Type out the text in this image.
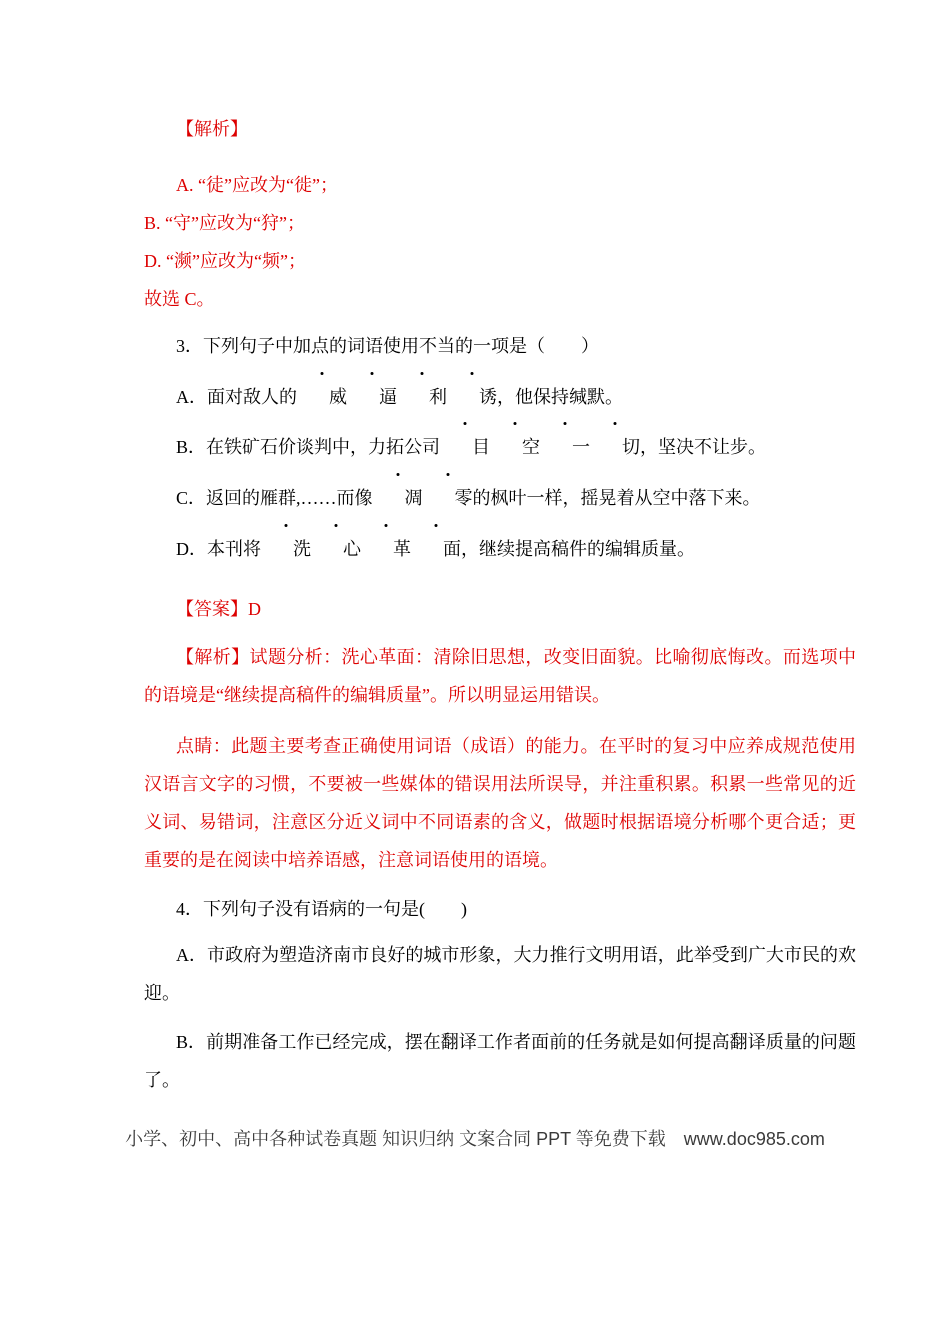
【解析】

A. “徒”应改为“徙”；

B. “守”应改为“狩”；

D. “濒”应改为“频”；

故选 C。

3．下列句子中加点的词语使用不当的一项是（　　）

A．面对敌人的 威 逼 利 诱，他保持缄默。

B．在铁矿石价谈判中，力拓公司 目 空 一 切，坚决不让步。

C．返回的雁群,……而像 凋 零的枫叶一样，摇晃着从空中落下来。

D．本刊将 洗 心 革 面，继续提高稿件的编辑质量。

【答案】D

【解析】试题分析：洗心革面：清除旧思想，改变旧面貌。比喻彻底悔改。而选项中的语境是“继续提高稿件的编辑质量”。所以明显运用错误。

点睛：此题主要考查正确使用词语（成语）的能力。在平时的复习中应养成规范使用汉语言文字的习惯，不要被一些媒体的错误用法所误导，并注重积累。积累一些常见的近义词、易错词，注意区分近义词中不同语素的含义，做题时根据语境分析哪个更合适；更重要的是在阅读中培养语感，注意词语使用的语境。

4．下列句子没有语病的一句是(　　)

A．市政府为塑造济南市良好的城市形象，大力推行文明用语，此举受到广大市民的欢迎。

B．前期准备工作已经完成，摆在翻译工作者面前的任务就是如何提高翻译质量的问题了。

小学、初中、高中各种试卷真题 知识归纳 文案合同 PPT 等免费下载　www.doc985.com
